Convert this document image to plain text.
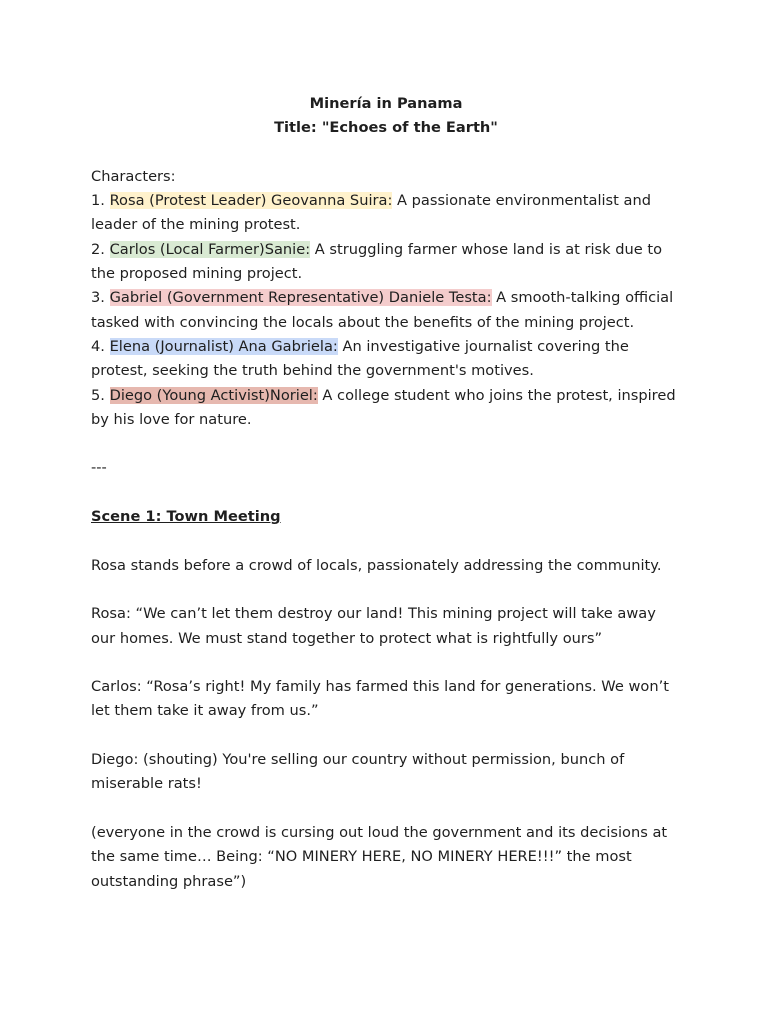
Minería in Panama
Title: "Echoes of the Earth"

Characters:

1. Rosa (Protest Leader) Geovanna Suira: A passionate environmentalist and leader of the mining protest.

2. Carlos (Local Farmer)Sanie: A struggling farmer whose land is at risk due to the proposed mining project.

3. Gabriel (Government Representative) Daniele Testa: A smooth-talking official tasked with convincing the locals about the benefits of the mining project.

4. Elena (Journalist) Ana Gabriela: An investigative journalist covering the protest, seeking the truth behind the government's motives.

5. Diego (Young Activist)Noriel: A college student who joins the protest, inspired by his love for nature.

---

Scene 1: Town Meeting

Rosa stands before a crowd of locals, passionately addressing the community.

Rosa: “We can’t let them destroy our land! This mining project will take away our homes. We must stand together to protect what is rightfully ours”

Carlos: “Rosa’s right! My family has farmed this land for generations. We won’t let them take it away from us.”

Diego: (shouting) You're selling our country without permission, bunch of miserable rats!

(everyone in the crowd is cursing out loud the government and its decisions at the same time… Being: “NO MINERY HERE, NO MINERY HERE!!!” the most outstanding phrase”)
